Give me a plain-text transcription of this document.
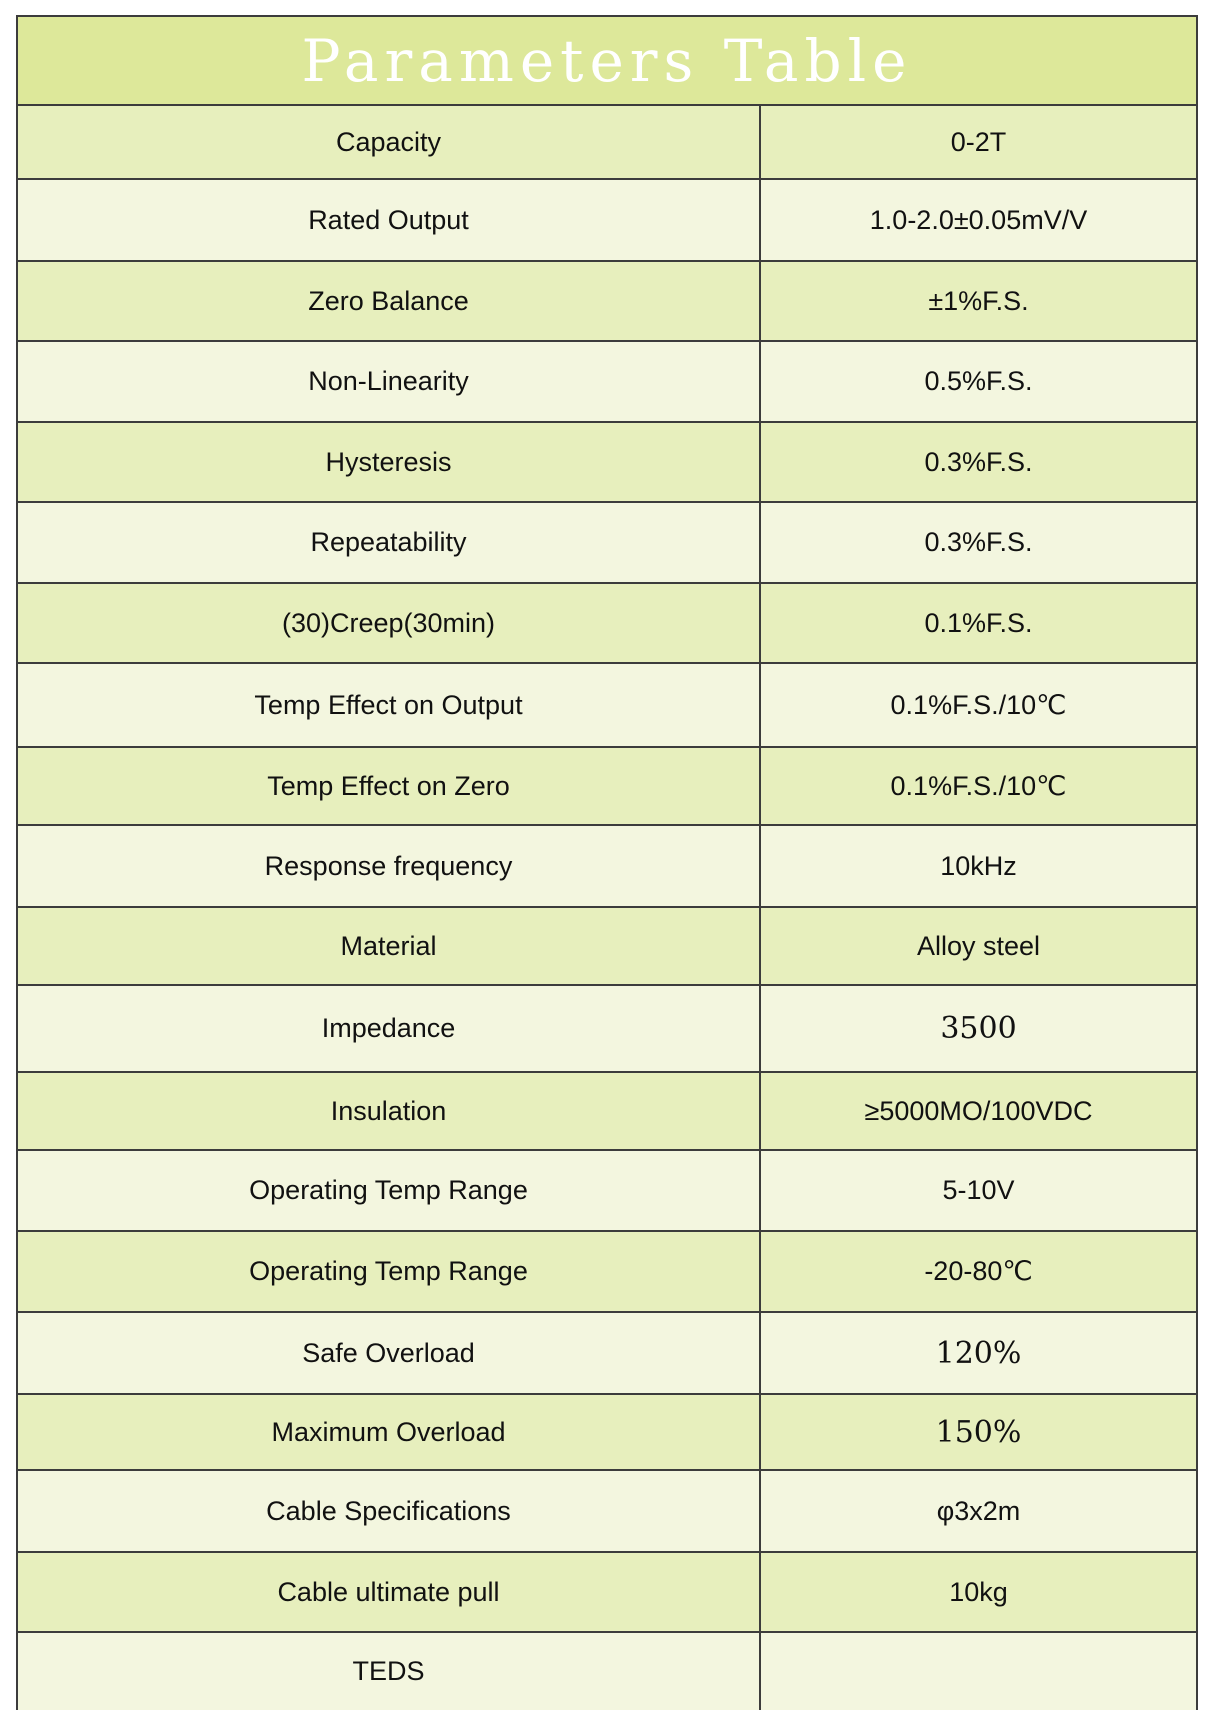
Parameters Table
Capacity	0-2T
Rated Output	1.0-2.0±0.05mV/V
Zero Balance	±1%F.S.
Non-Linearity	0.5%F.S.
Hysteresis	0.3%F.S.
Repeatability	0.3%F.S.
(30)Creep(30min)	0.1%F.S.
Temp Effect on Output	0.1%F.S./10℃
Temp Effect on Zero	0.1%F.S./10℃
Response frequency	10kHz
Material	Alloy steel
Impedance	3500
Insulation	≥5000MO/100VDC
Operating Temp Range	5-10V
Operating Temp Range	-20-80℃
Safe Overload	120%
Maximum Overload	150%
Cable Specifications	φ3x2m
Cable ultimate pull	10kg
TEDS	
